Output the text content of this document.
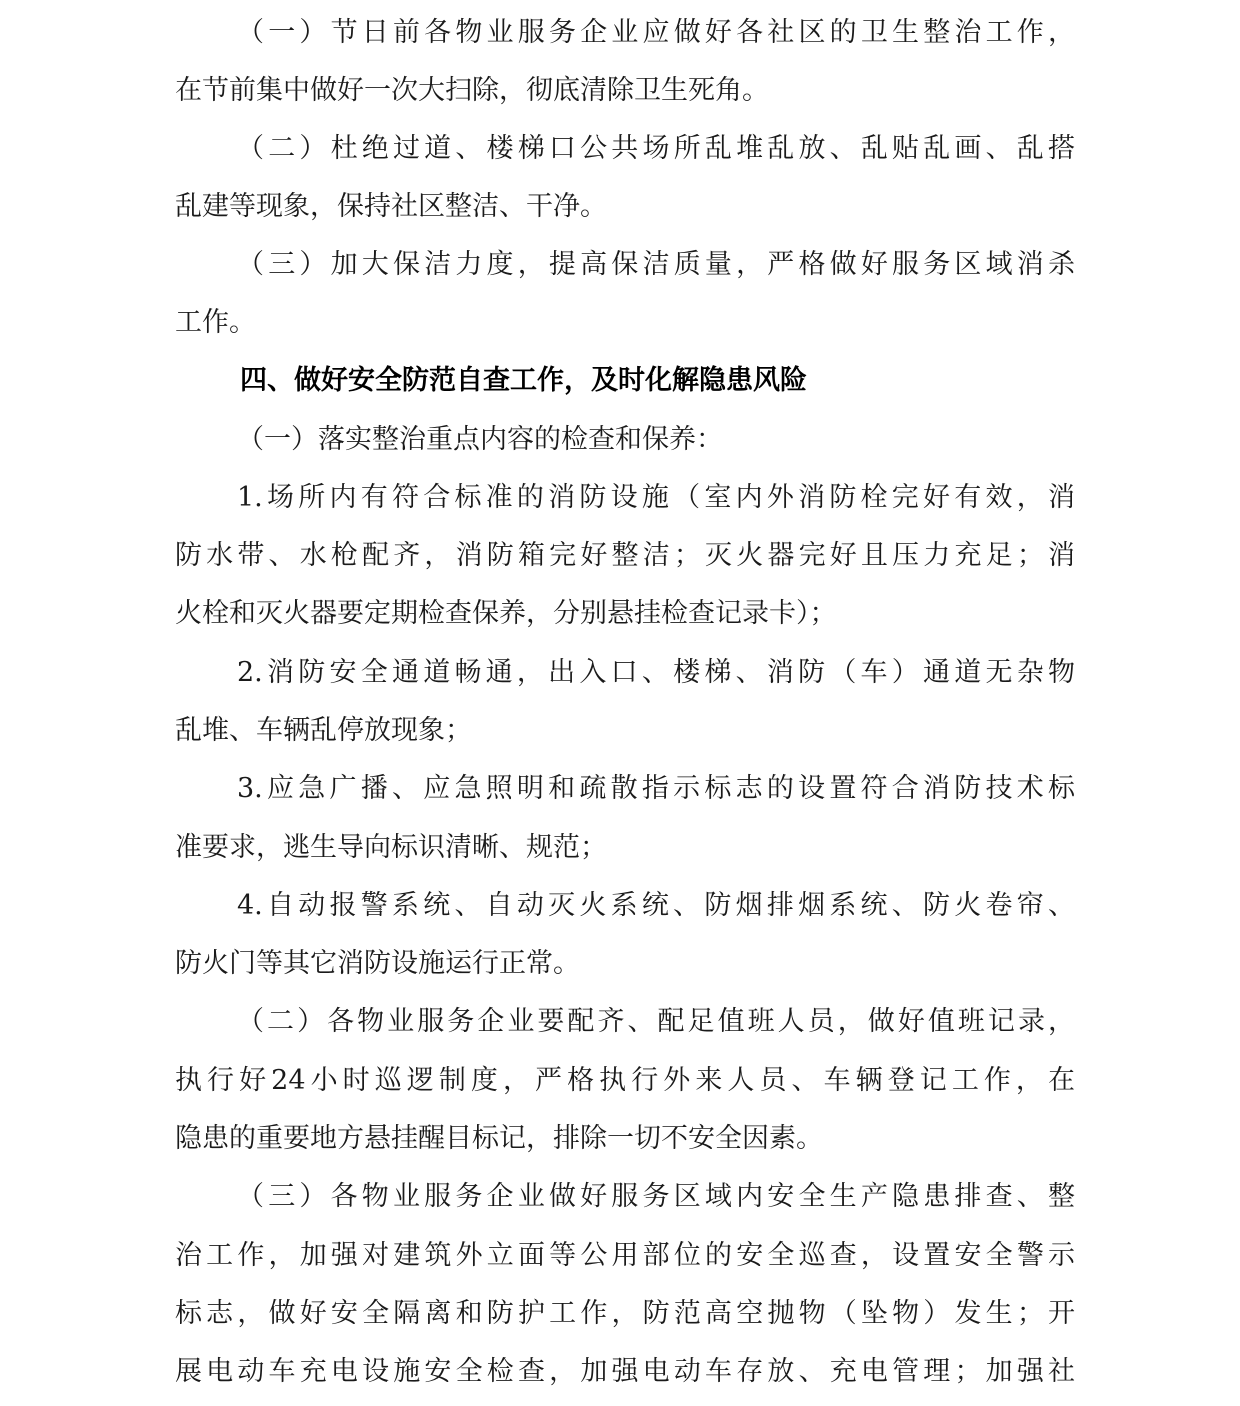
（一）节日前各物业服务企业应做好各社区的卫生整治工作，
在节前集中做好一次大扫除，彻底清除卫生死角。
（二）杜绝过道、楼梯口公共场所乱堆乱放、乱贴乱画、乱搭
乱建等现象，保持社区整洁、干净。
（三）加大保洁力度，提高保洁质量，严格做好服务区域消杀
工作。
四、做好安全防范自查工作，及时化解隐患风险
（一）落实整治重点内容的检查和保养：
1.场所内有符合标准的消防设施（室内外消防栓完好有效，消
防水带、水枪配齐，消防箱完好整洁；灭火器完好且压力充足；消
火栓和灭火器要定期检查保养，分别悬挂检查记录卡）；
2.消防安全通道畅通，出入口、楼梯、消防（车）通道无杂物
乱堆、车辆乱停放现象；
3.应急广播、应急照明和疏散指示标志的设置符合消防技术标
准要求，逃生导向标识清晰、规范；
4.自动报警系统、自动灭火系统、防烟排烟系统、防火卷帘、
防火门等其它消防设施运行正常。
（二）各物业服务企业要配齐、配足值班人员，做好值班记录，
执行好24小时巡逻制度，严格执行外来人员、车辆登记工作，在
隐患的重要地方悬挂醒目标记，排除一切不安全因素。
（三）各物业服务企业做好服务区域内安全生产隐患排查、整
治工作，加强对建筑外立面等公用部位的安全巡查，设置安全警示
标志，做好安全隔离和防护工作，防范高空抛物（坠物）发生；开
展电动车充电设施安全检查，加强电动车存放、充电管理；加强社
